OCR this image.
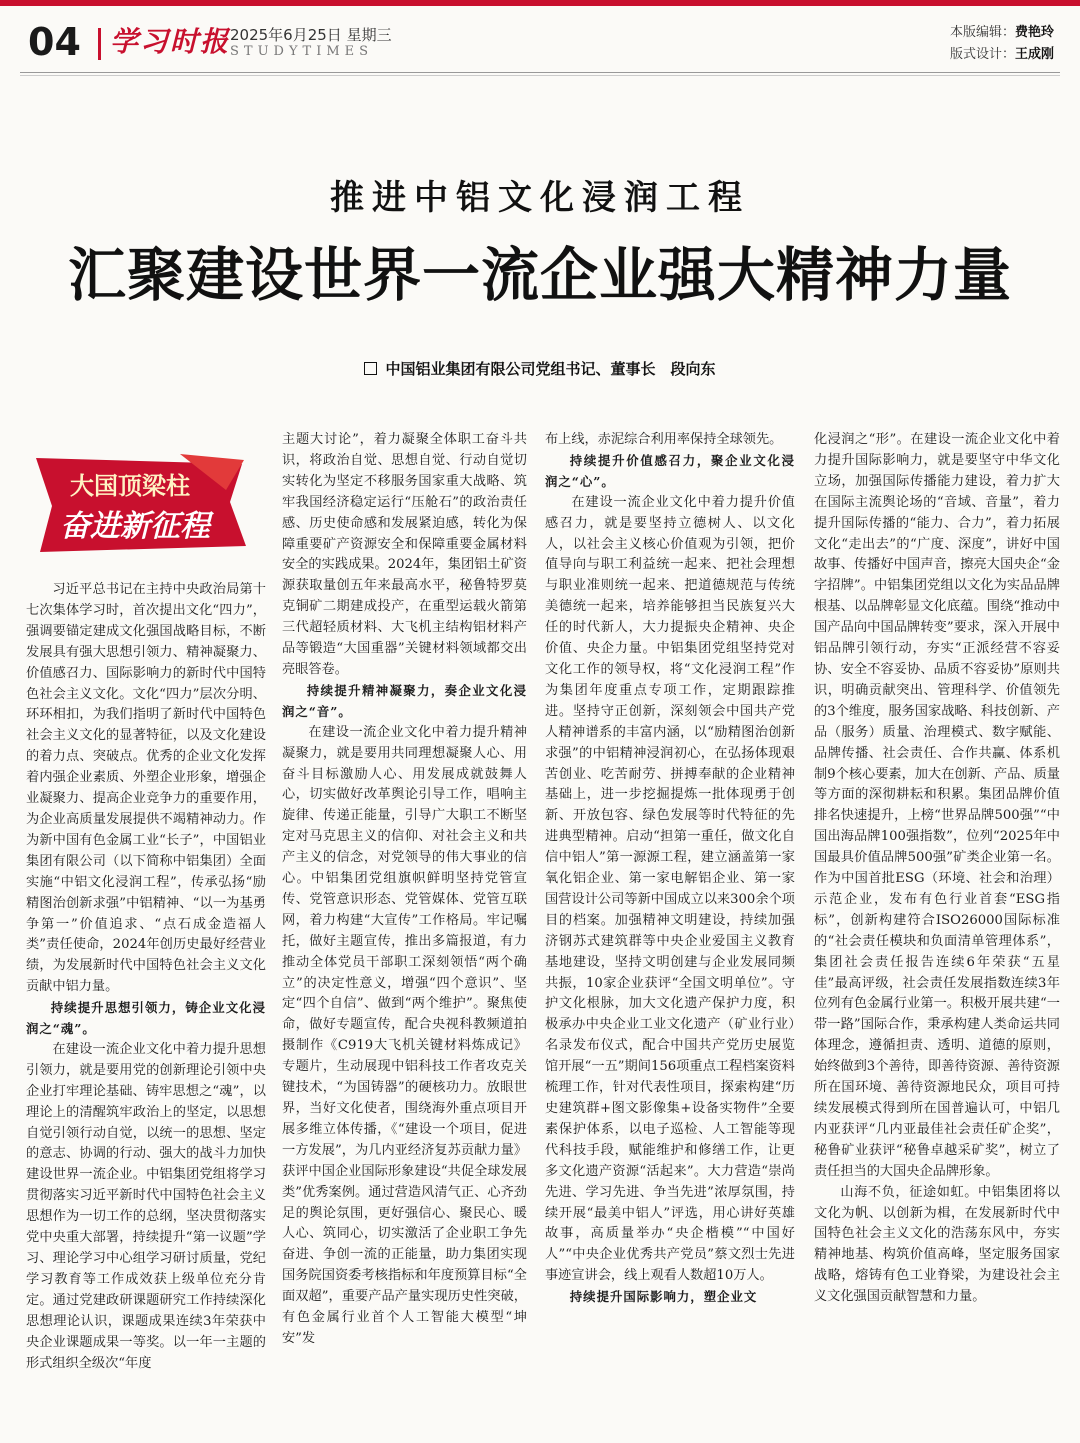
04 学习时报 2025年6月25日 星期三
STUDYTIMES
本版编辑：费艳玲
版式设计：王成刚
推进中铝文化浸润工程
汇聚建设世界一流企业强大精神力量
中国铝业集团有限公司党组书记、董事长　段向东
大国顶梁柱
奋进新征程

习近平总书记在主持中央政治局第十七次集体学习时，首次提出文化“四力”，强调要锚定建成文化强国战略目标，不断发展具有强大思想引领力、精神凝聚力、价值感召力、国际影响力的新时代中国特色社会主义文化。文化“四力”层次分明、环环相扣，为我们指明了新时代中国特色社会主义文化的显著特征，以及文化建设的着力点、突破点。优秀的企业文化发挥着内强企业素质、外塑企业形象，增强企业凝聚力、提高企业竞争力的重要作用，为企业高质量发展提供不竭精神动力。作为新中国有色金属工业“长子”，中国铝业集团有限公司（以下简称中铝集团）全面实施“中铝文化浸润工程”，传承弘扬“励精图治创新求强”中铝精神、“以一为基勇争第一”价值追求、“点石成金造福人类”责任使命，2024年创历史最好经营业绩，为发展新时代中国特色社会主义文化贡献中铝力量。

持续提升思想引领力，铸企业文化浸润之“魂”。

在建设一流企业文化中着力提升思想引领力，就是要用党的创新理论引领中央企业打牢理论基础、铸牢思想之“魂”，以理论上的清醒筑牢政治上的坚定，以思想自觉引领行动自觉，以统一的思想、坚定的意志、协调的行动、强大的战斗力加快建设世界一流企业。中铝集团党组将学习贯彻落实习近平新时代中国特色社会主义思想作为一切工作的总纲，坚决贯彻落实党中央重大部署，持续提升“第一议题”学习、理论学习中心组学习研讨质量，党纪学习教育等工作成效获上级单位充分肯定。通过党建政研课题研究工作持续深化思想理论认识，课题成果连续3年荣获中央企业课题成果一等奖。以一年一主题的形式组织全级次“年度

主题大讨论”，着力凝聚全体职工奋斗共识，将政治自觉、思想自觉、行动自觉切实转化为坚定不移服务国家重大战略、筑牢我国经济稳定运行“压舱石”的政治责任感、历史使命感和发展紧迫感，转化为保障重要矿产资源安全和保障重要金属材料安全的实践成果。2024年，集团铝土矿资源获取量创五年来最高水平，秘鲁特罗莫克铜矿二期建成投产，在重型运载火箭第三代超轻质材料、大飞机主结构铝材料产品等锻造“大国重器”关键材料领域都交出亮眼答卷。

持续提升精神凝聚力，奏企业文化浸润之“音”。

在建设一流企业文化中着力提升精神凝聚力，就是要用共同理想凝聚人心、用奋斗目标激励人心、用发展成就鼓舞人心，切实做好改革舆论引导工作，唱响主旋律、传递正能量，引导广大职工不断坚定对马克思主义的信仰、对社会主义和共产主义的信念，对党领导的伟大事业的信心。中铝集团党组旗帜鲜明坚持党管宣传、党管意识形态、党管媒体、党管互联网，着力构建“大宣传”工作格局。牢记嘱托，做好主题宣传，推出多篇报道，有力推动全体党员干部职工深刻领悟“两个确立”的决定性意义，增强“四个意识”、坚定“四个自信”、做到“两个维护”。聚焦使命，做好专题宣传，配合央视科教频道拍摄制作《C919大飞机关键材料炼成记》专题片，生动展现中铝科技工作者攻克关键技术，“为国铸器”的硬核功力。放眼世界，当好文化使者，围绕海外重点项目开展多维立体传播，《“建设一个项目，促进一方发展”，为几内亚经济复苏贡献力量》获评中国企业国际形象建设“共促全球发展类”优秀案例。通过营造风清气正、心齐劲足的舆论氛围，更好强信心、聚民心、暖人心、筑同心，切实激活了企业职工争先奋进、争创一流的正能量，助力集团实现国务院国资委考核指标和年度预算目标“全面双超”，重要产品产量实现历史性突破，有色金属行业首个人工智能大模型“坤安”发

布上线，赤泥综合利用率保持全球领先。

持续提升价值感召力，聚企业文化浸润之“心”。

在建设一流企业文化中着力提升价值感召力，就是要坚持立德树人、以文化人，以社会主义核心价值观为引领，把价值导向与职工利益统一起来、把社会理想与职业准则统一起来、把道德规范与传统美德统一起来，培养能够担当民族复兴大任的时代新人，大力提振央企精神、央企价值、央企力量。中铝集团党组坚持党对文化工作的领导权，将“文化浸润工程”作为集团年度重点专项工作，定期跟踪推进。坚持守正创新，深刻领会中国共产党人精神谱系的丰富内涵，以“励精图治创新求强”的中铝精神浸润初心，在弘扬体现艰苦创业、吃苦耐劳、拼搏奉献的企业精神基础上，进一步挖掘提炼一批体现勇于创新、开放包容、绿色发展等时代特征的先进典型精神。启动“担第一重任，做文化自信中铝人”第一源源工程，建立涵盖第一家氧化铝企业、第一家电解铝企业、第一家国营设计公司等新中国成立以来300余个项目的档案。加强精神文明建设，持续加强济钢苏式建筑群等中央企业爱国主义教育基地建设，坚持文明创建与企业发展同频共振，10家企业获评“全国文明单位”。守护文化根脉，加大文化遗产保护力度，积极承办中央企业工业文化遗产（矿业行业）名录发布仪式，配合中国共产党历史展览馆开展“一五”期间156项重点工程档案资料梳理工作，针对代表性项目，探索构建“历史建筑群+图文影像集+设备实物件”全要素保护体系，以电子巡检、人工智能等现代科技手段，赋能维护和修缮工作，让更多文化遗产资源“活起来”。大力营造“崇尚先进、学习先进、争当先进”浓厚氛围，持续开展“最美中铝人”评选，用心讲好英雄故事，高质量举办“央企楷模”“中国好人”“中央企业优秀共产党员”蔡文烈士先进事迹宣讲会，线上观看人数超10万人。

持续提升国际影响力，塑企业文

化浸润之“形”。在建设一流企业文化中着力提升国际影响力，就是要坚守中华文化立场，加强国际传播能力建设，着力扩大在国际主流舆论场的“音域、音量”，着力提升国际传播的“能力、合力”，着力拓展文化“走出去”的“广度、深度”，讲好中国故事、传播好中国声音，擦亮大国央企“金字招牌”。中铝集团党组以文化为实品品牌根基、以品牌彰显文化底蕴。围绕“推动中国产品向中国品牌转变”要求，深入开展中铝品牌引领行动，夯实“正派经营不容妥协、安全不容妥协、品质不容妥协”原则共识，明确贡献突出、管理科学、价值领先的3个维度，服务国家战略、科技创新、产品（服务）质量、治理模式、数字赋能、品牌传播、社会责任、合作共赢、体系机制9个核心要素，加大在创新、产品、质量等方面的深彻耕耘和积累。集团品牌价值排名快速提升，上榜“世界品牌500强”“中国出海品牌100强指数”，位列“2025年中国最具价值品牌500强”矿类企业第一名。作为中国首批ESG（环境、社会和治理）示范企业，发布有色行业首套“ESG指标”，创新构建符合ISO26000国际标准的“社会责任模块和负面清单管理体系”，集团社会责任报告连续6年荣获“五星佳”最高评级，社会责任发展指数连续3年位列有色金属行业第一。积极开展共建“一带一路”国际合作，秉承构建人类命运共同体理念，遵循担责、透明、道德的原则，始终做到3个善待，即善待资源、善待资源所在国环境、善待资源地民众，项目可持续发展模式得到所在国普遍认可，中铝几内亚获评“几内亚最佳社会责任矿企奖”，秘鲁矿业获评“秘鲁卓越采矿奖”，树立了责任担当的大国央企品牌形象。

山海不负，征途如虹。中铝集团将以文化为帆、以创新为楫，在发展新时代中国特色社会主义文化的浩荡东风中，夯实精神地基、构筑价值高峰，坚定服务国家战略，熔铸有色工业脊梁，为建设社会主义文化强国贡献智慧和力量。
